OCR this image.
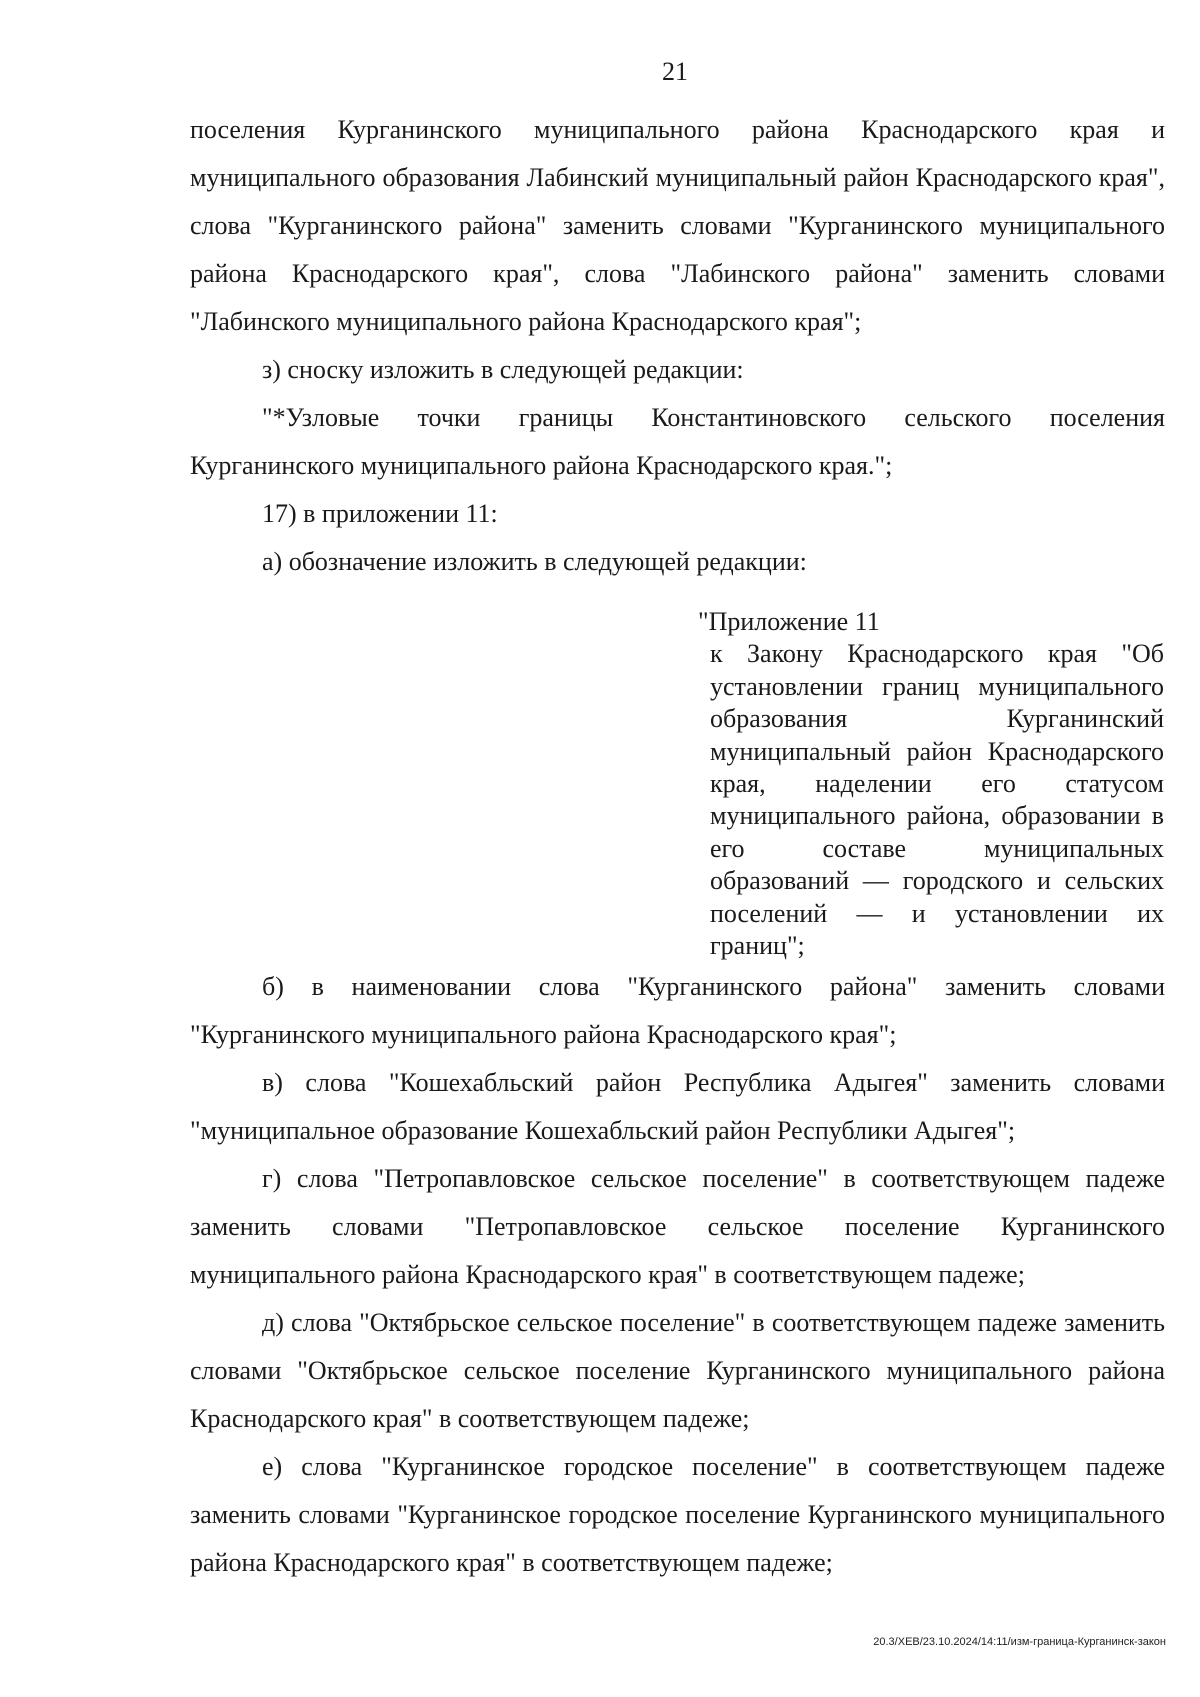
21

поселения Курганинского муниципального района Краснодарского края и муниципального образования Лабинский муниципальный район Краснодарского края", слова "Курганинского района" заменить словами "Курганинского муниципального района Краснодарского края", слова "Лабинского района" заменить словами "Лабинского муниципального района Краснодарского края";

з) сноску изложить в следующей редакции:

"*Узловые точки границы Константиновского сельского поселения Курганинского муниципального района Краснодарского края.";

17) в приложении 11:

а) обозначение изложить в следующей редакции:

"Приложение 11

к Закону Краснодарского края "Об установлении границ муниципального образования Курганинский муниципальный район Краснодарского края, наделении его статусом муниципального района, образовании в его составе муниципальных образований — городского и сельских поселений — и установлении их границ";

б) в наименовании слова "Курганинского района" заменить словами "Курганинского муниципального района Краснодарского края";

в) слова "Кошехабльский район Республика Адыгея" заменить словами "муниципальное образование Кошехабльский район Республики Адыгея";

г) слова "Петропавловское сельское поселение" в соответствующем падеже заменить словами "Петропавловское сельское поселение Курганинского муниципального района Краснодарского края" в соответствующем падеже;

д) слова "Октябрьское сельское поселение" в соответствующем падеже заменить словами "Октябрьское сельское поселение Курганинского муниципального района Краснодарского края" в соответствующем падеже;

е) слова "Курганинское городское поселение" в соответствующем падеже заменить словами "Курганинское городское поселение Курганинского муниципального района Краснодарского края" в соответствующем падеже;

20.3/ХЕВ/23.10.2024/14:11/изм-граница-Курганинск-закон
